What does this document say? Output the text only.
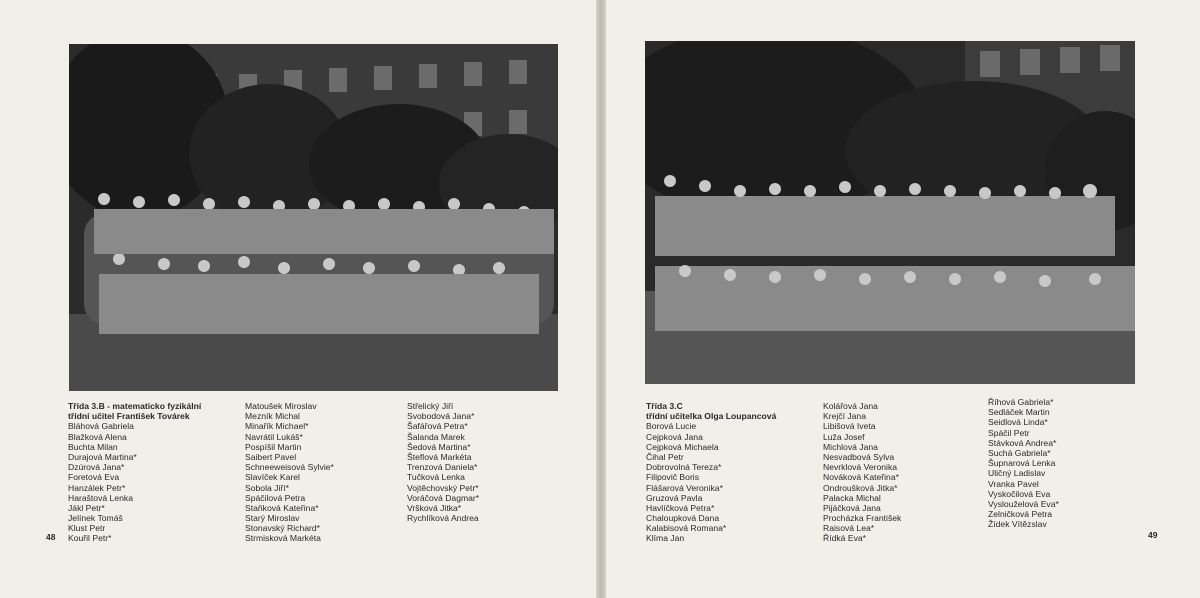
Třída 3.B - matematicko fyzikální
třídní učitel František Továrek
Bláhová Gabriela
Blažková Alena
Buchta Milan
Durajová Martina*
Dzúrová Jana*
Foretová Eva
Hanzálek Petr*
Haraštová Lenka
Jákl Petr*
Jelínek Tomáš
Klust Petr
Kouřil Petr*
Matoušek Miroslav
Mezník Michal
Minařík Michael*
Navrátil Lukáš*
Pospíšil Martin
Saibert Pavel
Schneeweisová Sylvie*
Slavíček Karel
Sobola Jiří*
Spáčilová Petra
Staňková Kateřina*
Starý Miroslav
Stonavský Richard*
Strmisková Markéta
Střelický Jiří
Svobodová Jana*
Šafářová Petra*
Šalanda Marek
Šedová Martina*
Šteflová Markéta
Trenzová Daniela*
Tučková Lenka
Vojtěchovský Petr*
Voráčová Dagmar*
Vršková Jitka*
Rychlíková Andrea
48
Třída 3.C
třídní učitelka Olga Loupancová
Borová Lucie
Cejpková Jana
Cejpková Michaela
Čihal Petr
Dobrovolná Tereza*
Filipovič Boris
Flášarová Veronika*
Gruzová Pavla
Havlíčková Petra*
Chaloupková Dana
Kalabisová Romana*
Klíma Jan
Kolářová Jana
Krejčí Jana
Libišová Iveta
Luža Josef
Michlová Jana
Nesvadbová Sylva
Nevrklová Veronika
Nováková Kateřina*
Ondroušková Jitka*
Palacka Michal
Pijáčková Jana
Procházka František
Raisová Lea*
Řídká Eva*
Říhová Gabriela*
Sedláček Martin
Seidlová Linda*
Spáčil Petr
Stávková Andrea*
Suchá Gabriela*
Šupnarová Lenka
Uličný Ladislav
Vranka Pavel
Vyskočilová Eva
Vyslouželová Eva*
Zelničková Petra
Žídek Vítězslav
49
